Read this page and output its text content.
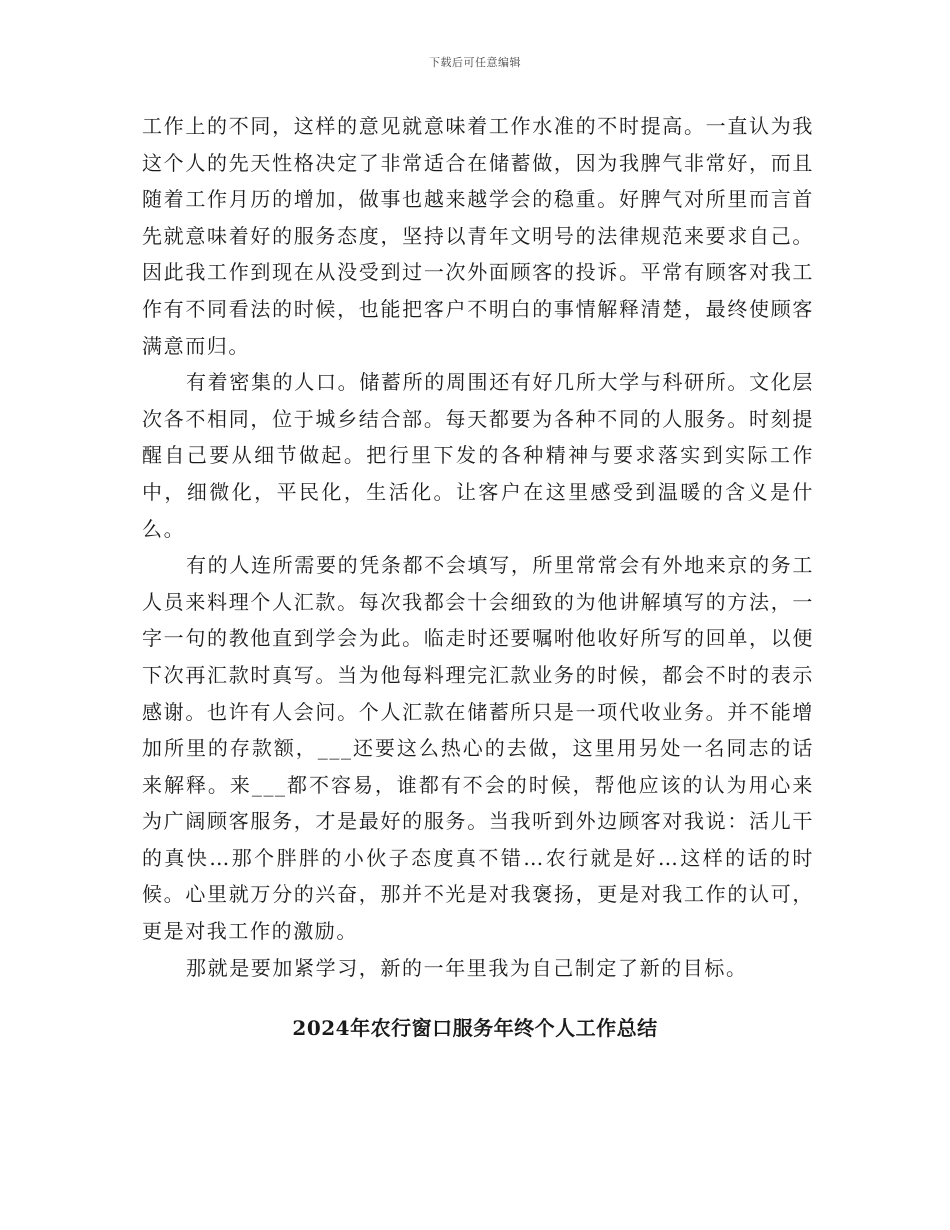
下载后可任意编辑

工作上的不同，这样的意见就意味着工作水准的不时提高。一直认为我这个人的先天性格决定了非常适合在储蓄做，因为我脾气非常好，而且随着工作月历的增加，做事也越来越学会的稳重。好脾气对所里而言首先就意味着好的服务态度，坚持以青年文明号的法律规范来要求自己。因此我工作到现在从没受到过一次外面顾客的投诉。平常有顾客对我工作有不同看法的时候，也能把客户不明白的事情解释清楚，最终使顾客满意而归。

有着密集的人口。储蓄所的周围还有好几所大学与科研所。文化层次各不相同，位于城乡结合部。每天都要为各种不同的人服务。时刻提醒自己要从细节做起。把行里下发的各种精神与要求落实到实际工作中，细微化，平民化，生活化。让客户在这里感受到温暖的含义是什么。

有的人连所需要的凭条都不会填写，所里常常会有外地来京的务工人员来料理个人汇款。每次我都会十会细致的为他讲解填写的方法，一字一句的教他直到学会为此。临走时还要嘱咐他收好所写的回单，以便下次再汇款时真写。当为他每料理完汇款业务的时候，都会不时的表示感谢。也许有人会问。个人汇款在储蓄所只是一项代收业务。并不能增加所里的存款额，___还要这么热心的去做，这里用另处一名同志的话来解释。来___都不容易，谁都有不会的时候，帮他应该的认为用心来为广阔顾客服务，才是最好的服务。当我听到外边顾客对我说：活儿干的真快…那个胖胖的小伙子态度真不错…农行就是好…这样的话的时候。心里就万分的兴奋，那并不光是对我褒扬，更是对我工作的认可，更是对我工作的激励。

那就是要加紧学习，新的一年里我为自己制定了新的目标。

2024年农行窗口服务年终个人工作总结
